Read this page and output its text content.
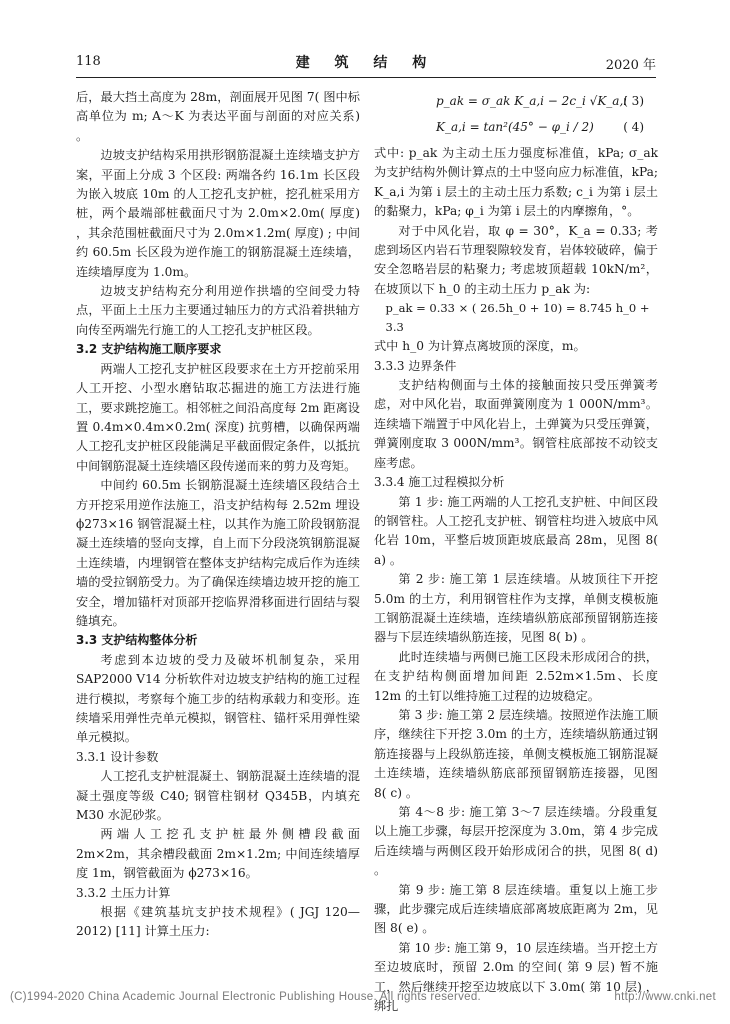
118	建 筑 结 构	2020 年

后，最大挡土高度为 28m，剖面展开见图 7( 图中标高单位为 m; A～K 为表达平面与剖面的对应关系) 。

边坡支护结构采用拱形钢筋混凝土连续墙支护方案，平面上分成 3 个区段: 两端各约 16.1m 长区段为嵌入坡底 10m 的人工挖孔支护桩，挖孔桩采用方桩，两个最端部桩截面尺寸为 2.0m×2.0m( 厚度) ，其余范围桩截面尺寸为 2.0m×1.2m( 厚度) ; 中间约 60.5m 长区段为逆作施工的钢筋混凝土连续墙，连续墙厚度为 1.0m。

边坡支护结构充分利用逆作拱墙的空间受力特点，平面上土压力主要通过轴压力的方式沿着拱轴方向传至两端先行施工的人工挖孔支护桩区段。

3.2 支护结构施工顺序要求

两端人工挖孔支护桩区段要求在土方开挖前采用人工开挖、小型水磨钻取芯掘进的施工方法进行施工，要求跳挖施工。相邻桩之间沿高度每 2m 距离设置 0.4m×0.4m×0.2m( 深度) 抗剪槽，以确保两端人工挖孔支护桩区段能满足平截面假定条件，以抵抗中间钢筋混凝土连续墙区段传递而来的剪力及弯矩。

中间约 60.5m 长钢筋混凝土连续墙区段结合土方开挖采用逆作法施工，沿支护结构每 2.52m 埋设 ϕ273×16 钢管混凝土柱，以其作为施工阶段钢筋混凝土连续墙的竖向支撑，自上而下分段浇筑钢筋混凝土连续墙，内埋钢管在整体支护结构完成后作为连续墙的受拉钢筋受力。为了确保连续墙边坡开挖的施工安全，增加锚杆对顶部开挖临界滑移面进行固结与裂缝填充。

3.3 支护结构整体分析

考虑到本边坡的受力及破坏机制复杂，采用 SAP2000 V14 分析软件对边坡支护结构的施工过程进行模拟，考察每个施工步的结构承载力和变形。连续墙采用弹性壳单元模拟，钢管柱、锚杆采用弹性梁单元模拟。

3.3.1 设计参数

人工挖孔支护桩混凝土、钢筋混凝土连续墙的混凝土强度等级 C40; 钢管柱钢材 Q345B，内填充 M30 水泥砂浆。

两端人工挖孔支护桩最外侧槽段截面 2m×2m，其余槽段截面 2m×1.2m; 中间连续墙厚度 1m，钢管截面为 ϕ273×16。

3.3.2 土压力计算

根据《建筑基坑支护技术规程》( JGJ 120—2012) [11] 计算土压力:

p_ak = σ_ak K_a,i − 2c_i √K_a,i
( 3)
K_a,i = tan²(45° − φ_i / 2) ( 4)

式中: p_ak 为主动土压力强度标准值，kPa; σ_ak 为支护结构外侧计算点的土中竖向应力标准值，kPa; K_a,i 为第 i 层土的主动土压力系数; c_i 为第 i 层土的黏聚力，kPa; φ_i 为第 i 层土的内摩擦角，°。

对于中风化岩，取 φ = 30°，K_a = 0.33; 考虑到场区内岩石节理裂隙较发育，岩体较破碎，偏于安全忽略岩层的粘聚力; 考虑坡顶超载 10kN/m²，在坡顶以下 h_0 的主动土压力 p_ak 为:

p_ak = 0.33 × ( 26.5h_0 + 10) = 8.745 h_0 + 3.3

式中 h_0 为计算点离坡顶的深度，m。

3.3.3 边界条件

支护结构侧面与土体的接触面按只受压弹簧考虑，对中风化岩，取面弹簧刚度为 1 000N/mm³。连续墙下端置于中风化岩上，土弹簧为只受压弹簧，弹簧刚度取 3 000N/mm³。钢管柱底部按不动铰支座考虑。

3.3.4 施工过程模拟分析

第 1 步: 施工两端的人工挖孔支护桩、中间区段的钢管柱。人工挖孔支护桩、钢管柱均进入坡底中风化岩 10m，平整后坡顶距坡底最高 28m，见图 8( a) 。

第 2 步: 施工第 1 层连续墙。从坡顶往下开挖 5.0m 的土方，利用钢管柱作为支撑，单侧支模板施工钢筋混凝土连续墙，连续墙纵筋底部预留钢筋连接器与下层连续墙纵筋连接，见图 8( b) 。

此时连续墙与两侧已施工区段未形成闭合的拱，在支护结构侧面增加间距 2.52m×1.5m、长度 12m 的土钉以维持施工过程的边坡稳定。

第 3 步: 施工第 2 层连续墙。按照逆作法施工顺序，继续往下开挖 3.0m 的土方，连续墙纵筋通过钢筋连接器与上段纵筋连接，单侧支模板施工钢筋混凝土连续墙，连续墙纵筋底部预留钢筋连接器，见图 8( c) 。

第 4～8 步: 施工第 3～7 层连续墙。分段重复以上施工步骤，每层开挖深度为 3.0m，第 4 步完成后连续墙与两侧区段开始形成闭合的拱，见图 8( d) 。

第 9 步: 施工第 8 层连续墙。重复以上施工步骤，此步骤完成后连续墙底部离坡底距离为 2m，见图 8( e) 。

第 10 步: 施工第 9，10 层连续墙。当开挖土方至边坡底时，预留 2.0m 的空间( 第 9 层) 暂不施工，然后继续开挖至边坡底以下 3.0m( 第 10 层) ，绑扎

(C)1994-2020 China Academic Journal Electronic Publishing House. All rights reserved.	http://www.cnki.net
